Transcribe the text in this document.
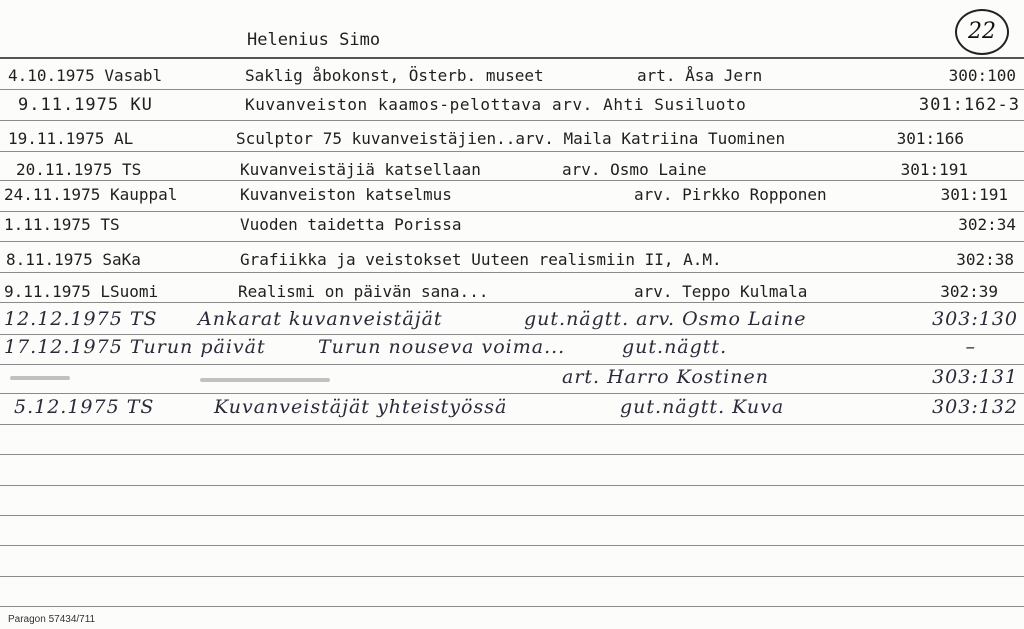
Helenius Simo	22
4.10.1975 Vasabl	Saklig åbokonst, Österb. museet	art. Åsa Jern	300:100
9.11.1975 KU	Kuvanveiston kaamos-pelottava arv. Ahti Susiluoto	301:162-3
19.11.1975 AL	Sculptor 75 kuvanveistäjien..arv. Maila Katriina Tuominen	301:166
20.11.1975 TS	Kuvanveistäjiä katsellaan	arv. Osmo Laine	301:191
24.11.1975 Kauppal	Kuvanveiston katselmus	arv. Pirkko Ropponen	301:191
1.11.1975 TS	Vuoden taidetta Porissa	302:34
8.11.1975 SaKa	Grafiikka ja veistokset Uuteen realismiin II, A.M.	302:38
9.11.1975 LSuomi	Realismi on päivän sana...	arv. Teppo Kulmala	302:39
12.12.1975 TS Ankarat kuvanveistäjät	gut.nägtt. arv. Osmo Laine	303:130
17.12.1975 Turun päivät	Turun nouseva voima...	gut.nägtt.	–
art. Harro Kostinen	303:131
5.12.1975 TS	Kuvanveistäjät yhteistyössä	gut.nägtt. Kuva	303:132
Paragon 57434/711
